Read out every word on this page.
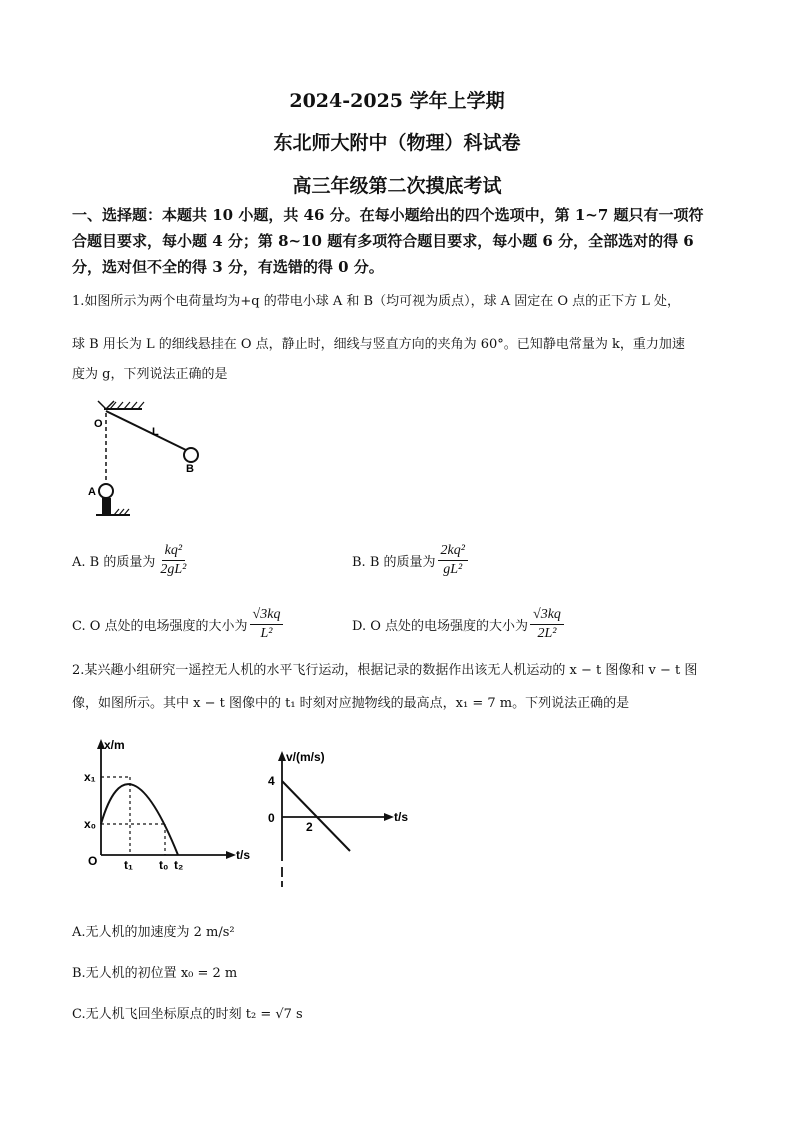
2024-2025 学年上学期
东北师大附中（物理）科试卷
高三年级第二次摸底考试
一、选择题：本题共 10 小题，共 46 分。在每小题给出的四个选项中，第 1~7 题只有一项符
合题目要求，每小题 4 分；第 8~10 题有多项符合题目要求，每小题 6 分，全部选对的得 6
分，选对但不全的得 3 分，有选错的得 0 分。
1.如图所示为两个电荷量均为+q 的带电小球 A 和 B（均可视为质点），球 A 固定在 O 点的正下方 L 处，
球 B 用长为 L 的细线悬挂在 O 点，静止时，细线与竖直方向的夹角为 60°。已知静电常量为 k，重力加速
度为 g，下列说法正确的是
O
L
B
A
A. B 的质量为 $\frac{\text{kq²}}{\text{2gL²}}$	B. B 的质量为 $\frac{\text{2kq²}}{\text{gL²}}$
C. O 点处的电场强度的大小为 $\frac{√3kq}{\text{L²}}$	D. O 点处的电场强度的大小为 $\frac{√3kq}{\text{2L²}}$
2.某兴趣小组研究一遥控无人机的水平飞行运动，根据记录的数据作出该无人机运动的 x − t 图像和 v − t 图
像，如图所示。其中 x − t 图像中的 t₁ 时刻对应抛物线的最高点，x₁ = 7 m。下列说法正确的是
x/m
t/s
O
x₁
x₀
t₁ t₀ t₂
v/(m/s)
t/s
4
0
2
A.无人机的加速度为 2 m/s²
B.无人机的初位置 x₀ = 2 m
C.无人机飞回坐标原点的时刻 t₂ = √7 s
